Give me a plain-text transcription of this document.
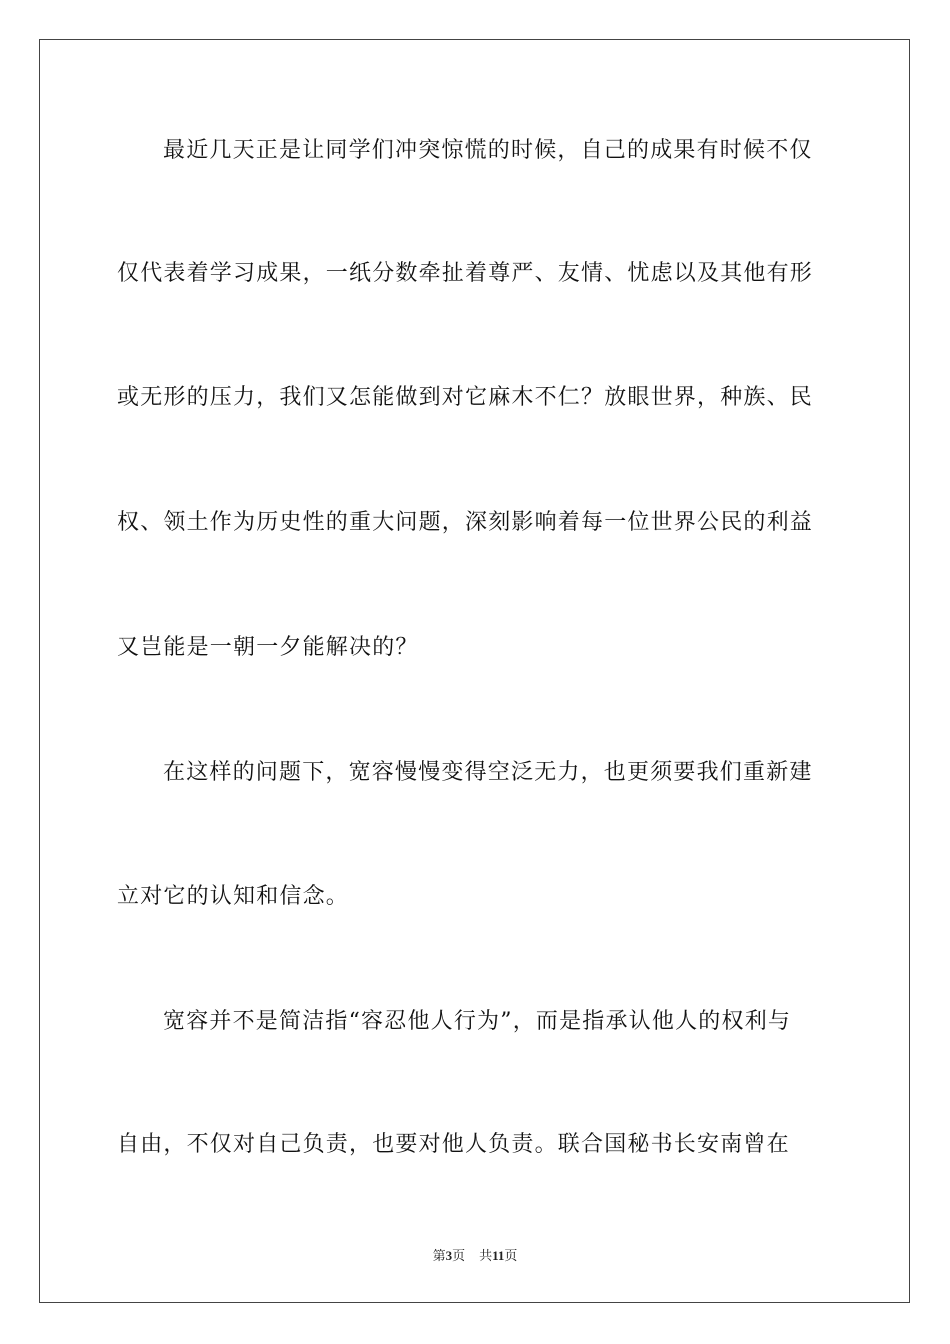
最近几天正是让同学们冲突惊慌的时候，自己的成果有时候不仅
仅代表着学习成果，一纸分数牵扯着尊严、友情、忧虑以及其他有形
或无形的压力，我们又怎能做到对它麻木不仁？放眼世界，种族、民
权、领土作为历史性的重大问题，深刻影响着每一位世界公民的利益
又岂能是一朝一夕能解决的？
在这样的问题下，宽容慢慢变得空泛无力，也更须要我们重新建
立对它的认知和信念。
宽容并不是简洁指“容忍他人行为”，而是指承认他人的权利与
自由，不仅对自己负责，也要对他人负责。联合国秘书长安南曾在
第3页 共11页
